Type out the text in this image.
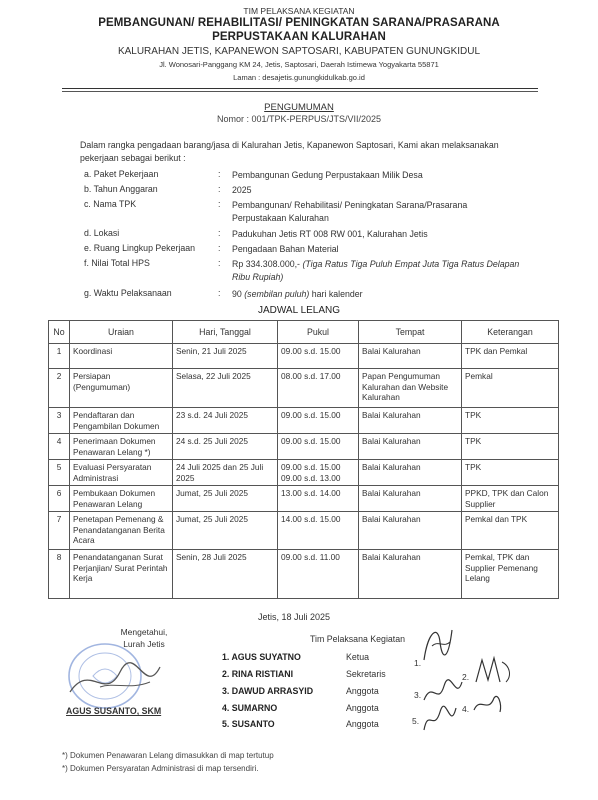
TIM PELAKSANA KEGIATAN
PEMBANGUNAN/ REHABILITASI/ PENINGKATAN SARANA/PRASARANA
PERPUSTAKAAN KALURAHAN
KALURAHAN JETIS, KAPANEWON SAPTOSARI, KABUPATEN GUNUNGKIDUL
Jl. Wonosari-Panggang KM 24, Jetis, Saptosari, Daerah Istimewa Yogyakarta 55871
Laman : desajetis.gunungkidulkab.go.id
PENGUMUMAN
Nomor : 001/TPK-PERPUS/JTS/VII/2025
Dalam rangka pengadaan barang/jasa di Kalurahan Jetis, Kapanewon Saptosari, Kami akan melaksanakan pekerjaan sebagai berikut :
a. Paket Pekerjaan	: Pembangunan Gedung Perpustakaan Milik Desa
b. Tahun Anggaran	: 2025
c. Nama TPK	: Pembangunan/ Rehabilitasi/ Peningkatan Sarana/Prasarana Perpustakaan Kalurahan
d. Lokasi	: Padukuhan Jetis RT 008 RW 001, Kalurahan Jetis
e. Ruang Lingkup Pekerjaan	: Pengadaan Bahan Material
f. Nilai Total HPS	: Rp 334.308.000,- (Tiga Ratus Tiga Puluh Empat Juta Tiga Ratus Delapan Ribu Rupiah)
g. Waktu Pelaksanaan	: 90 (sembilan puluh) hari kalender
JADWAL LELANG
No	Uraian	Hari, Tanggal	Pukul	Tempat	Keterangan
1	Koordinasi	Senin, 21 Juli 2025	09.00 s.d. 15.00	Balai Kalurahan	TPK dan Pemkal
2	Persiapan (Pengumuman)	Selasa, 22 Juli 2025	08.00 s.d. 17.00	Papan Pengumuman Kalurahan dan Website Kalurahan	Pemkal
3	Pendaftaran dan Pengambilan Dokumen	23 s.d. 24 Juli 2025	09.00 s.d. 15.00	Balai Kalurahan	TPK
4	Penerimaan Dokumen Penawaran Lelang *)	24 s.d. 25 Juli 2025	09.00 s.d. 15.00	Balai Kalurahan	TPK
5	Evaluasi Persyaratan Administrasi	24 Juli 2025 dan 25 Juli 2025	09.00 s.d. 15.00 09.00 s.d. 13.00	Balai Kalurahan	TPK
6	Pembukaan Dokumen Penawaran Lelang	Jumat, 25 Juli 2025	13.00 s.d. 14.00	Balai Kalurahan	PPKD, TPK dan Calon Supplier
7	Penetapan Pemenang & Penandatanganan Berita Acara	Jumat, 25 Juli 2025	14.00 s.d. 15.00	Balai Kalurahan	Pemkal dan TPK
8	Penandatanganan Surat Perjanjian/ Surat Perintah Kerja	Senin, 28 Juli 2025	09.00 s.d. 11.00	Balai Kalurahan	Pemkal, TPK dan Supplier Pemenang Lelang
Jetis, 18 Juli 2025
Mengetahui,
Lurah Jetis
AGUS SUSANTO, SKM
Tim Pelaksana Kegiatan
1. AGUS SUYATNO	Ketua
2. RINA RISTIANI	Sekretaris
3. DAWUD ARRASYID	Anggota
4. SUMARNO	Anggota
5. SUSANTO	Anggota
1.
2.
3.
4.
5.
*) Dokumen Penawaran Lelang dimasukkan di map tertutup
*) Dokumen Persyaratan Administrasi di map tersendiri.
